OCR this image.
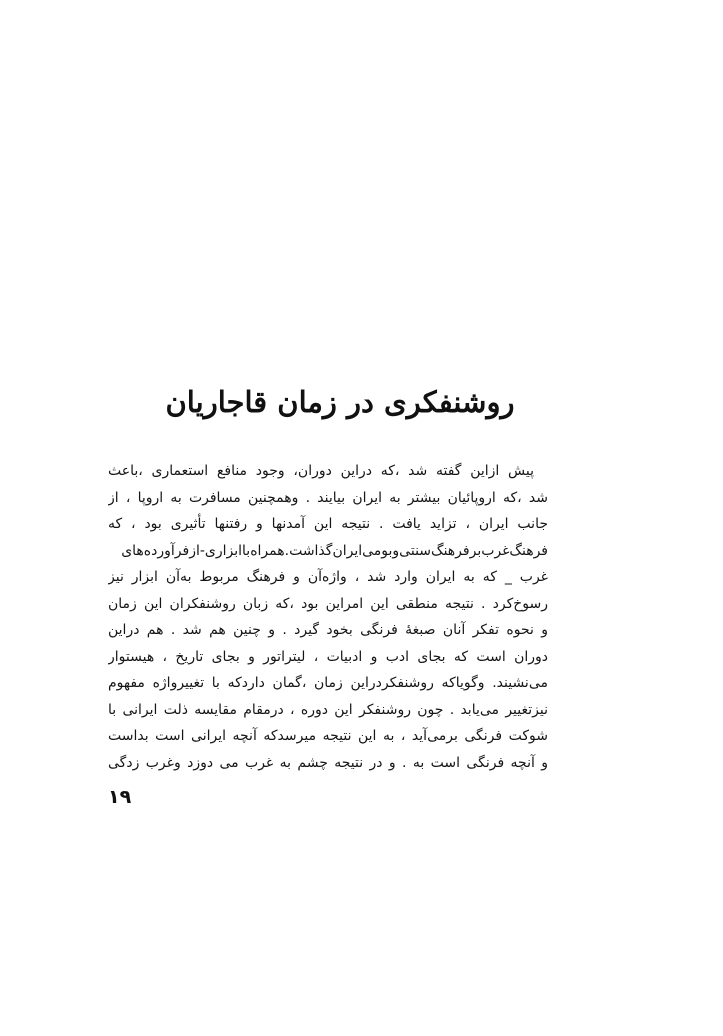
روشنفکری در زمان قاجاریان
پیش ازاین گفته شد ،که دراین دوران، وجود منافع استعماری ،باعث
شد ،که اروپائیان بیشتر به ایران بیایند . وهمچنین مسافرت به اروپا ، از
جانب ایران ، تزاید یافت . نتیجه این آمدنها و رفتنها تأثیری بود ، که
فرهنگ‌غرب‌برفرهنگ‌سنتی‌وبومی‌ایران‌گذاشت.همراه‌باابزاری-ازفرآورده‌های
غرب _ که به ایران وارد شد ، واژه‌آن و فرهنگ مربوط به‌آن ابزار نیز
رسوخ‌کرد . نتیجه منطقی این امراین بود ،که زبان روشنفکران این زمان
و نحوه تفکر آنان صبغهٔ فرنگی بخود گیرد . و چنین هم شد . هم دراین
دوران است که بجای ادب و ادبیات ، لیتراتور و بجای تاریخ ، هیستوار
می‌نشیند. وگویاکه روشنفکردراین زمان ،گمان داردکه با تغییرواژه مفهوم
نیزتغییر می‌یابد . چون روشنفکر این دوره ، درمقام مقایسه ذلت ایرانی با
شوکت فرنگی برمی‌آید ، به این نتیجه میرسدکه آنچه ایرانی است بداست
و آنچه فرنگی است به . و در نتیجه چشم به غرب می دوزد وغرب زدگی
۱۹
